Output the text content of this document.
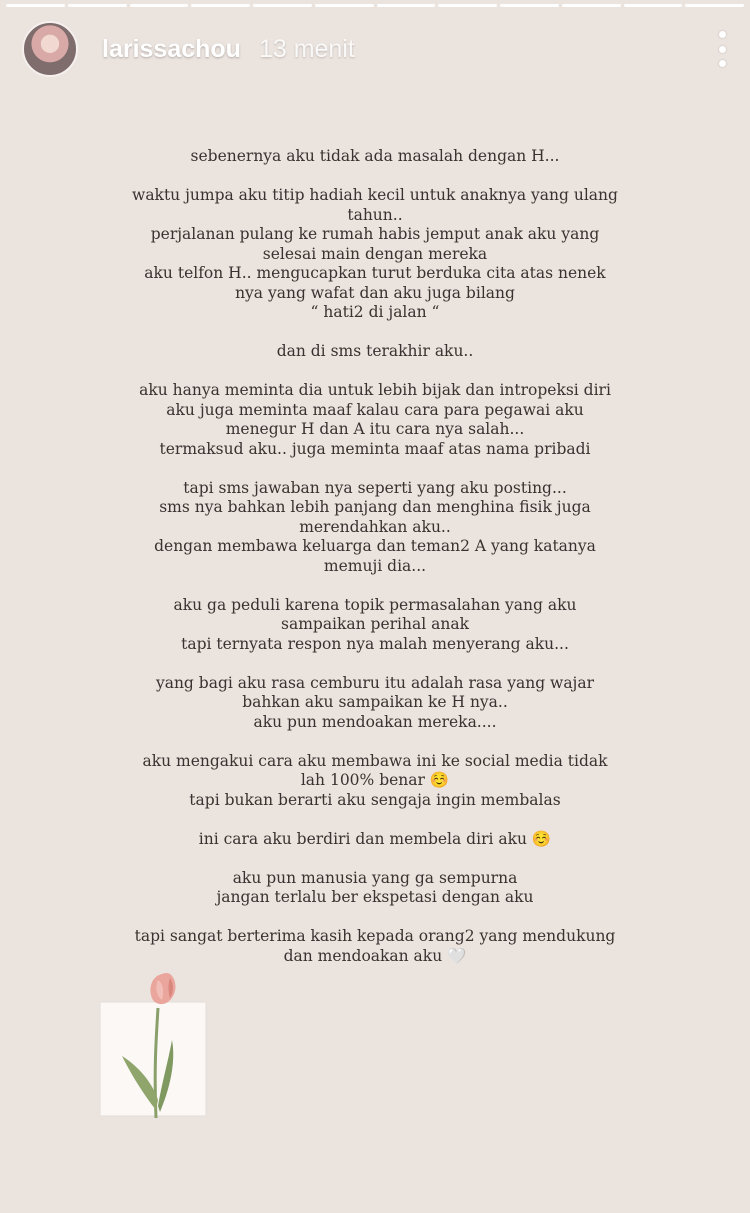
larissachou 13 menit

sebenernya aku tidak ada masalah dengan H...

waktu jumpa aku titip hadiah kecil untuk anaknya yang ulang tahun..
perjalanan pulang ke rumah habis jemput anak aku yang selesai main dengan mereka
aku telfon H.. mengucapkan turut berduka cita atas nenek nya yang wafat dan aku juga bilang
“ hati2 di jalan “

dan di sms terakhir aku..

aku hanya meminta dia untuk lebih bijak dan intropeksi diri
aku juga meminta maaf kalau cara para pegawai aku menegur H dan A itu cara nya salah...
termaksud aku.. juga meminta maaf atas nama pribadi

tapi sms jawaban nya seperti yang aku posting...
sms nya bahkan lebih panjang dan menghina fisik juga merendahkan aku..
dengan membawa keluarga dan teman2 A yang katanya memuji dia...

aku ga peduli karena topik permasalahan yang aku sampaikan perihal anak
tapi ternyata respon nya malah menyerang aku...

yang bagi aku rasa cemburu itu adalah rasa yang wajar bahkan aku sampaikan ke H nya..
aku pun mendoakan mereka....

aku mengakui cara aku membawa ini ke social media tidak lah 100% benar ☺️
tapi bukan berarti aku sengaja ingin membalas

ini cara aku berdiri dan membela diri aku ☺️

aku pun manusia yang ga sempurna
jangan terlalu ber ekspetasi dengan aku

tapi sangat berterima kasih kepada orang2 yang mendukung dan mendoakan aku 🤍
